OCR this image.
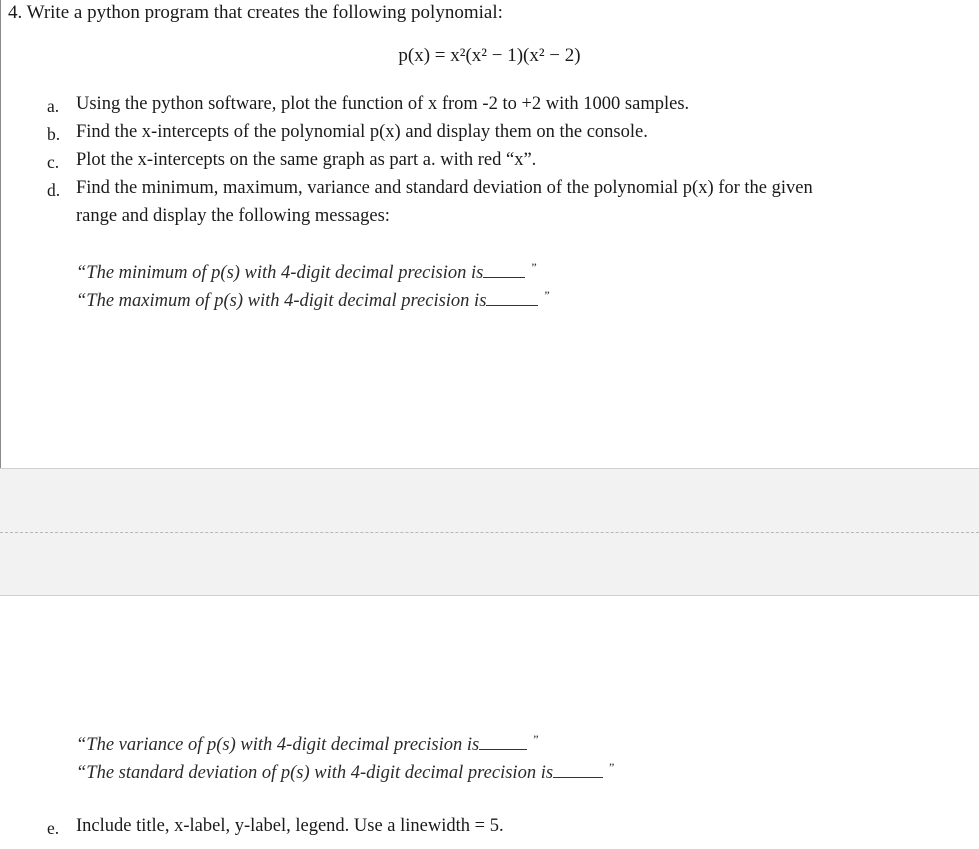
4. Write a python program that creates the following polynomial:
p(x) = x²(x² − 1)(x² − 2)
a. Using the python software, plot the function of x from -2 to +2 with 1000 samples.
b. Find the x-intercepts of the polynomial p(x) and display them on the console.
c. Plot the x-intercepts on the same graph as part a. with red “x”.
d. Find the minimum, maximum, variance and standard deviation of the polynomial p(x) for the given
range and display the following messages:
“The minimum of p(s) with 4-digit decimal precision is	”
“The maximum of p(s) with 4-digit decimal precision is	”
“The variance of p(s) with 4-digit decimal precision is	”
“The standard deviation of p(s) with 4-digit decimal precision is	”
e. Include title, x-label, y-label, legend. Use a linewidth = 5.
